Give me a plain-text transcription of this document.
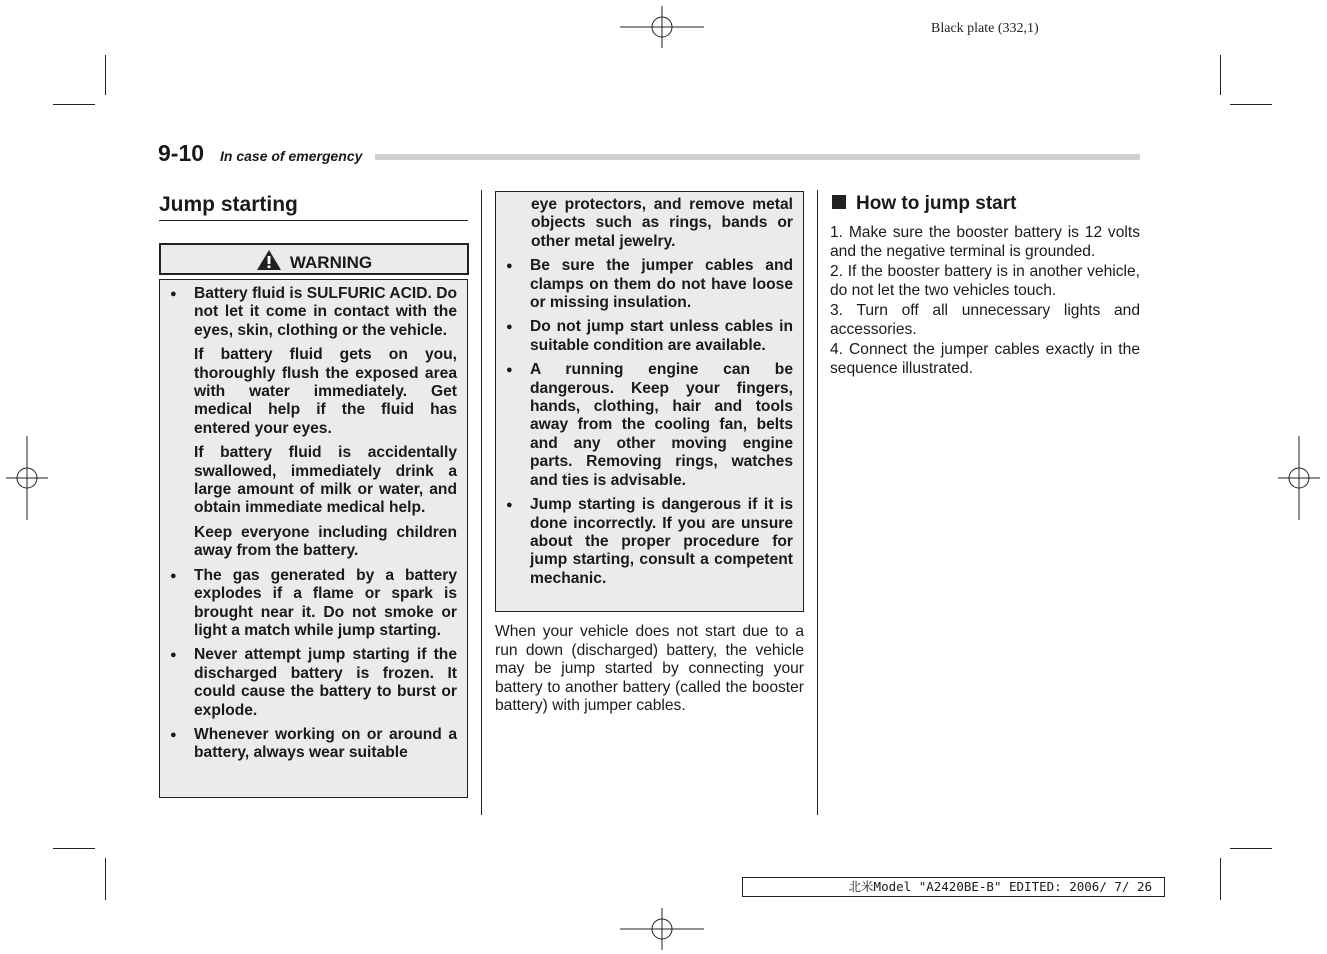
Black plate (332,1)
9-10 In case of emergency
Jump starting
WARNING

● Battery fluid is SULFURIC ACID. Do not let it come in contact with the eyes, skin, clothing or the vehicle.

If battery fluid gets on you, thoroughly flush the exposed area with water immediately. Get medical help if the fluid has entered your eyes.

If battery fluid is accidentally swallowed, immediately drink a large amount of milk or water, and obtain immediate medical help.

Keep everyone including children away from the battery.

● The gas generated by a battery explodes if a flame or spark is brought near it. Do not smoke or light a match while jump starting.

● Never attempt jump starting if the discharged battery is frozen. It could cause the battery to burst or explode.

● Whenever working on or around a battery, always wear suitable

eye protectors, and remove metal objects such as rings, bands or other metal jewelry.

● Be sure the jumper cables and clamps on them do not have loose or missing insulation.

● Do not jump start unless cables in suitable condition are available.

● A running engine can be dangerous. Keep your fingers, hands, clothing, hair and tools away from the cooling fan, belts and any other moving engine parts. Removing rings, watches and ties is advisable.

● Jump starting is dangerous if it is done incorrectly. If you are unsure about the proper procedure for jump starting, consult a competent mechanic.

When your vehicle does not start due to a run down (discharged) battery, the vehicle may be jump started by connecting your battery to another battery (called the booster battery) with jumper cables.

How to jump start

1. Make sure the booster battery is 12 volts and the negative terminal is grounded.

2. If the booster battery is in another vehicle, do not let the two vehicles touch.

3. Turn off all unnecessary lights and accessories.

4. Connect the jumper cables exactly in the sequence illustrated.

北米Model "A2420BE-B" EDITED: 2006/ 7/ 26
